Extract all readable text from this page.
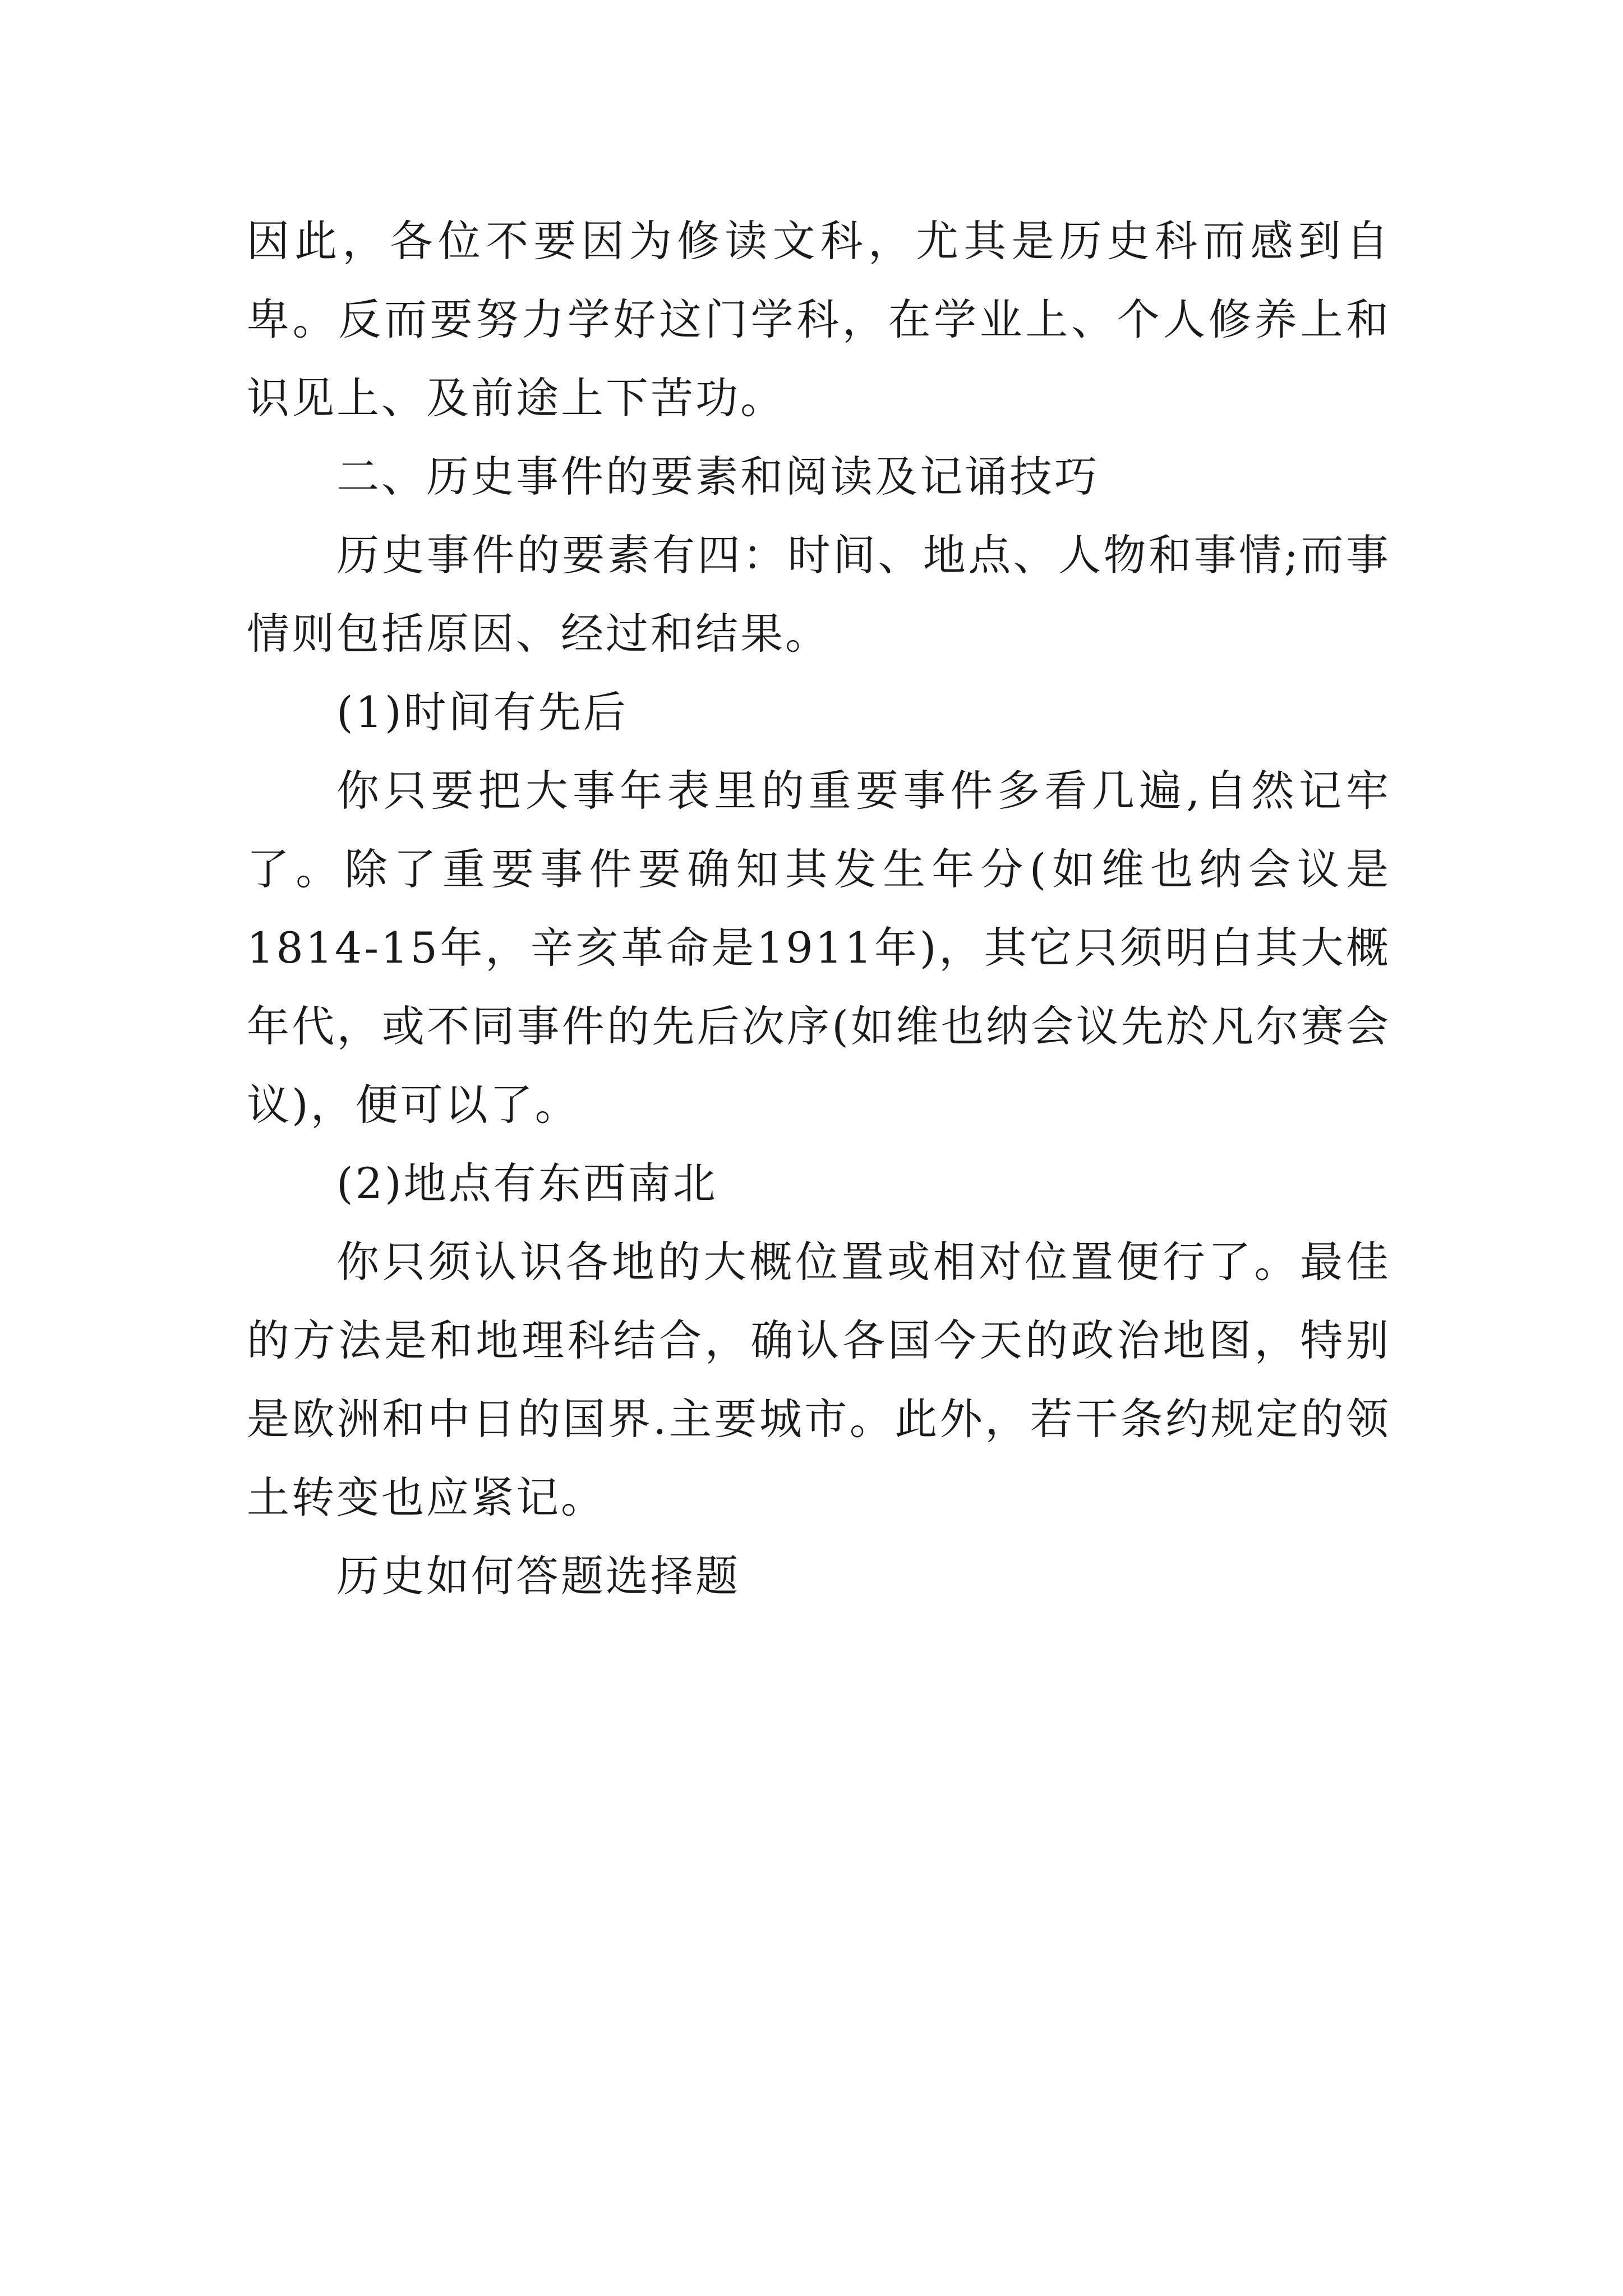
因此，各位不要因为修读文科，尤其是历史科而感到自卑。反而要努力学好这门学科，在学业上、个人修养上和识见上、及前途上下苦功。

二、历史事件的要素和阅读及记诵技巧

历史事件的要素有四：时间、地点、人物和事情;而事情则包括原因、经过和结果。

(1)时间有先后

你只要把大事年表里的重要事件多看几遍,自然记牢了。除了重要事件要确知其发生年分(如维也纳会议是1814-15年，辛亥革命是1911年)，其它只须明白其大概年代，或不同事件的先后次序(如维也纳会议先於凡尔赛会议)，便可以了。

(2)地点有东西南北

你只须认识各地的大概位置或相对位置便行了。最佳的方法是和地理科结合，确认各国今天的政治地图，特别是欧洲和中日的国界.主要城市。此外，若干条约规定的领土转变也应紧记。

历史如何答题选择题
